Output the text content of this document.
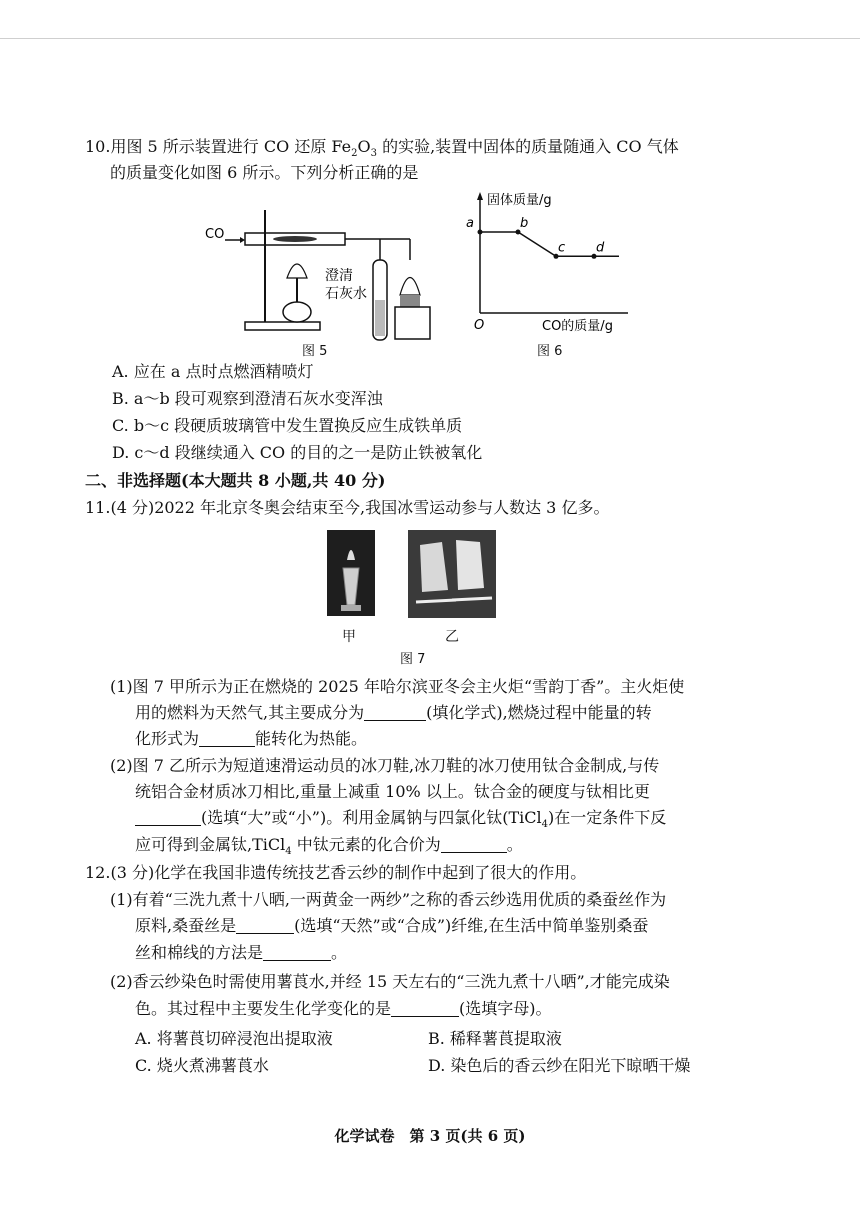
10.用图 5 所示装置进行 CO 还原 $Fe_2O_3$ 的实验,装置中固体的质量随通入 CO 气体
的质量变化如图 6 所示。下列分析正确的是
CO
澄清
石灰水
图 5
固体质量/g
CO的质量/g
O
a	b
c d
图 6
A. 应在 a 点时点燃酒精喷灯
B. a～b 段可观察到澄清石灰水变浑浊
C. b～c 段硬质玻璃管中发生置换反应生成铁单质
D. c～d 段继续通入 CO 的目的之一是防止铁被氧化
二、非选择题(本大题共 8 小题,共 40 分)
11.(4 分)2022 年北京冬奥会结束至今,我国冰雪运动参与人数达 3 亿多。
甲	乙
图 7
(1)图 7 甲所示为正在燃烧的 2025 年哈尔滨亚冬会主火炬“雪韵丁香”。主火炬使
用的燃料为天然气,其主要成分为	(填化学式),燃烧过程中能量的转
化形式为	能转化为热能。
(2)图 7 乙所示为短道速滑运动员的冰刀鞋,冰刀鞋的冰刀使用钛合金制成,与传
统铝合金材质冰刀相比,重量上减重 10% 以上。钛合金的硬度与钛相比更
(选填“大”或“小”)。利用金属钠与四氯化钛(TiCl$_4$)在一定条件下反
应可得到金属钛,TiCl$_4$ 中钛元素的化合价为	。
12.(3 分)化学在我国非遗传统技艺香云纱的制作中起到了很大的作用。
(1)有着“三洗九煮十八晒,一两黄金一两纱”之称的香云纱选用优质的桑蚕丝作为
原料,桑蚕丝是	(选填“天然”或“合成”)纤维,在生活中简单鉴别桑蚕
丝和棉线的方法是	。
(2)香云纱染色时需使用薯莨水,并经 15 天左右的“三洗九煮十八晒”,才能完成染
色。其过程中主要发生化学变化的是	(选填字母)。
A. 将薯莨切碎浸泡出提取液	B. 稀释薯莨提取液
C. 烧火煮沸薯莨水	D. 染色后的香云纱在阳光下晾晒干燥
化学试卷　第 3 页(共 6 页)
